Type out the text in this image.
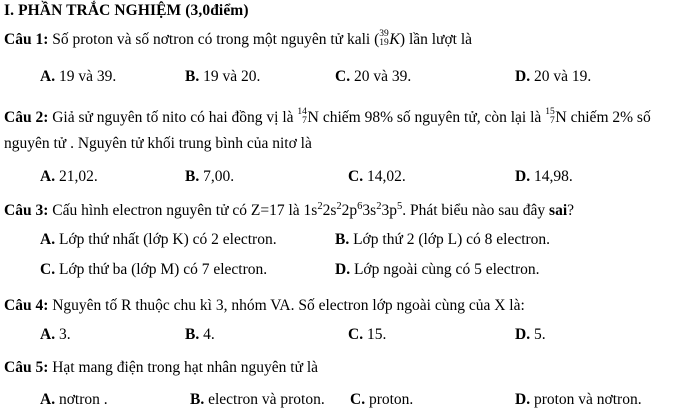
I. PHẦN TRẮC NGHIỆM (3,0điểm)
Câu 1: Số proton và số nơtron có trong một nguyên tử kali ( 39
19 K) lần lượt là
A. 19 và 39.	B. 19 và 20.	C. 20 và 39.	D. 20 và 19.
Câu 2: Giả sử nguyên tố nito có hai đồng vị là 14
7 N chiếm 98% số nguyên tử, còn lại là 15
7 N chiếm 2% số
nguyên tử . Nguyên tử khối trung bình của nitơ là
A. 21,02.	B. 7,00.	C. 14,02.	D. 14,98.
Câu 3: Cấu hình electron nguyên tử có Z=17 là $1s^22s^22p^63s^23p^5$. Phát biểu nào sau đây sai?
A. Lớp thứ nhất (lớp K) có 2 electron.	B. Lớp thứ 2 (lớp L) có 8 electron.
C. Lớp thứ ba (lớp M) có 7 electron.	D. Lớp ngoài cùng có 5 electron.
Câu 4: Nguyên tố R thuộc chu kì 3, nhóm VA. Số electron lớp ngoài cùng của X là:
A. 3.	B. 4.	C. 15.	D. 5.
Câu 5: Hạt mang điện trong hạt nhân nguyên tử là
A. nơtron .	B. electron và proton. C. proton.	D. proton và nơtron.
